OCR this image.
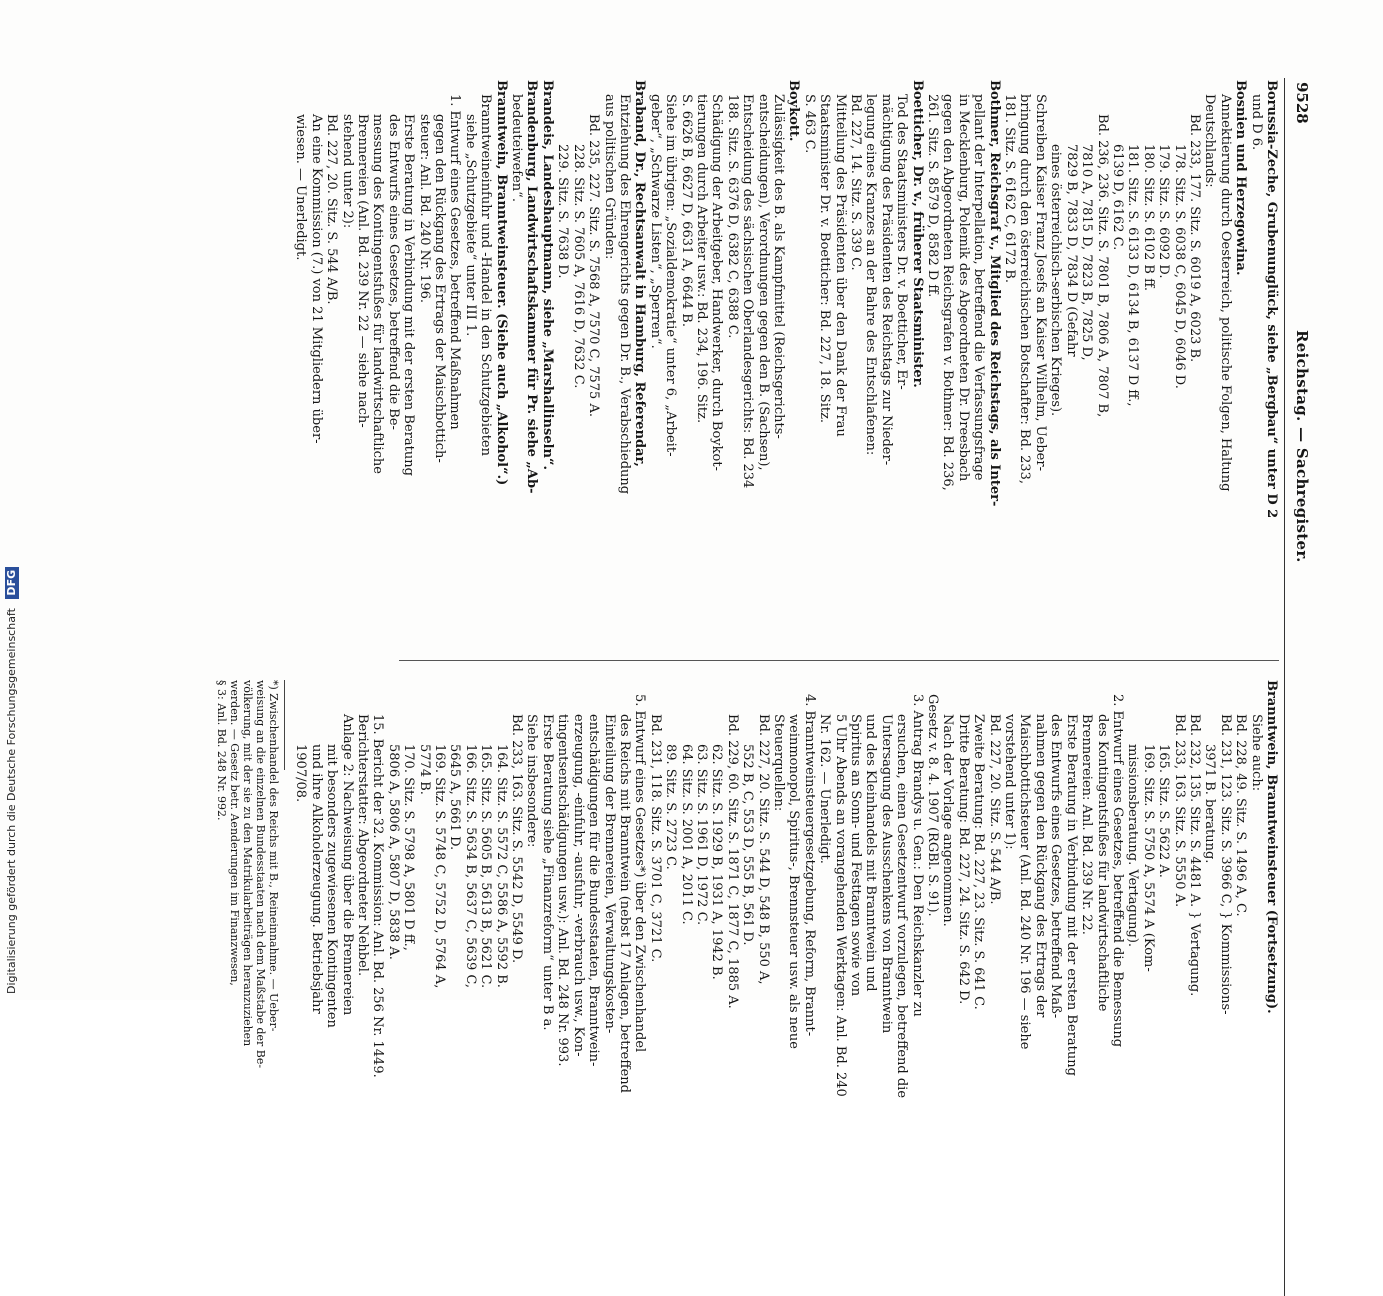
9528
Reichstag. — Sachregister.
Borussia-Zeche, Grubenunglück, siehe „Bergbau“ unter D 2
und D 6.
Bosnien und Herzegowina.
Annektierung durch Oesterreich, politische Folgen, Haltung
Deutschlands:
Bd. 233, 177. Sitz. S. 6019 A, 6023 B.
178. Sitz. S. 6038 C, 6045 D, 6046 D.
179. Sitz. S. 6092 D.
180. Sitz. S. 6102 B ff.
181. Sitz. S. 6133 D, 6134 B, 6137 D ff.,
6139 D, 6162 C.
Bd. 236, 236. Sitz. S. 7801 B, 7806 A, 7807 B,
7810 A, 7815 D, 7823 B, 7825 D,
7829 B, 7833 D, 7834 D (Gefahr
eines österreichisch-serbischen Krieges).
Schreiben Kaiser Franz Josefs an Kaiser Wilhelm, Ueber-
bringung durch den österreichischen Botschafter: Bd. 233,
181. Sitz. S. 6162 C, 6172 B.
Bothmer, Reichsgraf v., Mitglied des Reichstags, als Inter-
pellant der Interpellation, betreffend die Verfassungsfrage
in Mecklenburg, Polemik des Abgeordneten Dr. Dreesbach
gegen den Abgeordneten Reichsgrafen v. Bothmer: Bd. 236,
261. Sitz. S. 8579 D, 8582 D ff.
Boetticher, Dr. v., früherer Staatsminister.
Tod des Staatsministers Dr. v. Boetticher, Er-
mächtigung des Präsidenten des Reichstags zur Nieder-
legung eines Kranzes an der Bahre des Entschlafenen:
Bd. 227, 14. Sitz. S. 339 C.
Mitteilung des Präsidenten über den Dank der Frau
Staatsminister Dr. v. Boetticher: Bd. 227, 18. Sitz.
S. 463 C.
Boykott.
Zulässigkeit des B. als Kampfmittel (Reichsgerichts-
entscheidungen), Verordnungen gegen den B. (Sachsen),
Entscheidung des sächsischen Oberlandesgerichts: Bd. 234
188. Sitz. S. 6376 D, 6382 C, 6388 C.
Schädigung der Arbeitgeber, Handwerker, durch Boykot-
tierungen durch Arbeiter usw.: Bd. 234, 196. Sitz.
S. 6626 B, 6627 D, 6631 A, 6644 B.
Siehe im übrigen: „Sozialdemokratie“ unter 6, „Arbeit-
geber“, „Schwarze Listen“, „Sperren“.
Braband, Dr., Rechtsanwalt in Hamburg, Referendar,
Entziehung des Ehrengerichts gegen Dr. B., Verabschiedung
aus politischen Gründen:
Bd. 235, 227. Sitz. S. 7568 A, 7570 C, 7575 A.
228. Sitz. S. 7605 A, 7616 D, 7632 C.
229. Sitz. S. 7638 D.
Brandeis, Landeshauptmann, siehe „Marshallinseln“.
Brandenburg, Landwirtschaftskammer für Pr. siehe „Ab-
bedeuteiwefen“.
Branntwein, Branntweinsteuer. (Siehe auch „Alkohol“.)
Branntweineinfuhr und -Handel in den Schutzgebieten
siehe „Schutzgebiete“ unter III 1.
1. Entwurf eines Gesetzes, betreffend Maßnahmen
gegen den Rückgang des Ertrags der Maischbottich-
steuer: Anl. Bd. 240 Nr. 196.
Erste Beratung in Verbindung mit der ersten Beratung
des Entwurfs eines Gesetzes, betreffend die Be-
messung des Kontingentsfußes für landwirtschaftliche
Brennereien (Anl. Bd. 239 Nr. 22 — siehe nach-
stehend unter 2):
Bd. 227, 20. Sitz. S. 544 A/B.
An eine Kommission (7.) von 21 Mitgliedern über-
wiesen. — Unerledigt.
Branntwein, Branntweinsteuer (Fortsetzung).
Siehe auch:
Bd. 228, 49. Sitz. S. 1496 A, C.
Bd. 231, 123. Sitz. S. 3966 C, } Kommissions-
3971 B. beratung.
Bd. 232, 135. Sitz. S. 4481 A. } Vertagung.
Bd. 233, 163. Sitz. S. 5550 A.
165. Sitz. S. 5622 A.
169. Sitz. S. 5750 A, 5574 A (Kom-
missionsberatung. Vertagung).
2. Entwurf eines Gesetzes, betreffend die Bemessung
des Kontingentsfußes für landwirtschaftliche
Brennereien: Anl. Bd. 239 Nr. 22.
Erste Beratung in Verbindung mit der ersten Beratung
des Entwurfs eines Gesetzes, betreffend Maß-
nahmen gegen den Rückgang des Ertrags der
Maischbottichsteuer (Anl. Bd. 240 Nr. 196 — siehe
vorstehend unter 1):
Bd. 227, 20. Sitz. S. 544 A/B.
Zweite Beratung: Bd. 227, 23. Sitz. S. 641 C.
Dritte Beratung: Bd. 227, 24. Sitz. S. 642 D.
Nach der Vorlage angenommen.
Gesetz v. 8. 4. 1907 (RGBl. S. 91).
3. Antrag Brandys u. Gen.: Den Reichskanzler zu
ersuchen, einen Gesetzentwurf vorzulegen, betreffend die
Untersagung des Ausschenkens von Branntwein
und des Kleinhandels mit Branntwein und
Spiritus an Sonn- und Festtagen sowie von
5 Uhr Abends an vorangehenden Werktagen: Anl. Bd. 240
Nr. 162. — Unerledigt.
4. Branntweinsteuergesetzgebung, Reform, Brannt-
weinmonopol, Spiritus-, Brennsteuer usw. als neue
Steuerquellen:
Bd. 227, 20. Sitz. S. 544 D, 548 B, 550 A,
552 B, C, 553 D, 555 B, 561 D.
Bd. 229, 60. Sitz. S. 1871 C, 1877 C, 1885 A.
62. Sitz. S. 1929 B, 1931 A, 1942 B.
63. Sitz. S. 1961 D, 1972 C.
64. Sitz. S. 2001 A, 2011 C.
89. Sitz. S. 2723 C.
Bd. 231, 118. Sitz. S. 3701 C, 3721 C.
5. Entwurf eines Gesetzes*) über den Zwischenhandel
des Reichs mit Branntwein (nebst 17 Anlagen, betreffend
Einteilung der Brennereien, Verwaltungskosten-
entschädigungen für die Bundesstaaten, Branntwein-
erzeugung, -einfuhr, -ausfuhr, -verbrauch usw., Kon-
tingentsentschädigungen usw.): Anl. Bd. 248 Nr. 993.
Erste Beratung siehe „Finanzreform“ unter B a.
Siehe insbesondere:
Bd. 233, 163. Sitz. S. 5542 D, 5549 D.
164. Sitz. S. 5572 C, 5586 A, 5592 B.
165. Sitz. S. 5605 B, 5613 B, 5621 C.
166. Sitz. S. 5634 B, 5637 C, 5639 C,
5645 A, 5661 D.
169. Sitz. S. 5748 C, 5752 D, 5764 A,
5774 B.
170. Sitz. S. 5798 A, 5801 D ff.,
5806 A, 5806 A, 5807 D, 5838 A.
15. Bericht der 32. Kommission: Anl. Bd. 256 Nr. 1449.
Berichterstatter: Abgeordneter Nehbel.
Anlage 2: Nachweisung über die Brennereien
mit besonders zugewiesenen Kontingenten
und ihre Alkoholerzeugung. Betriebsjahr
1907/08.
*) Zwischenhandel des Reichs mit B., Reineinnahme. — Ueber-
weisung an die einzelnen Bundesstaaten nach dem Maßstabe der Be-
völkerung, mit der sie zu den Matrikularbeiträgen heranzuziehen
werden. — Gesetz betr. Aenderungen im Finanzwesen,
§ 3: Anl. Bd. 248 Nr. 992.
Digitalisierung gefördert durch die Deutsche Forschungsgemeinschaft DFG
